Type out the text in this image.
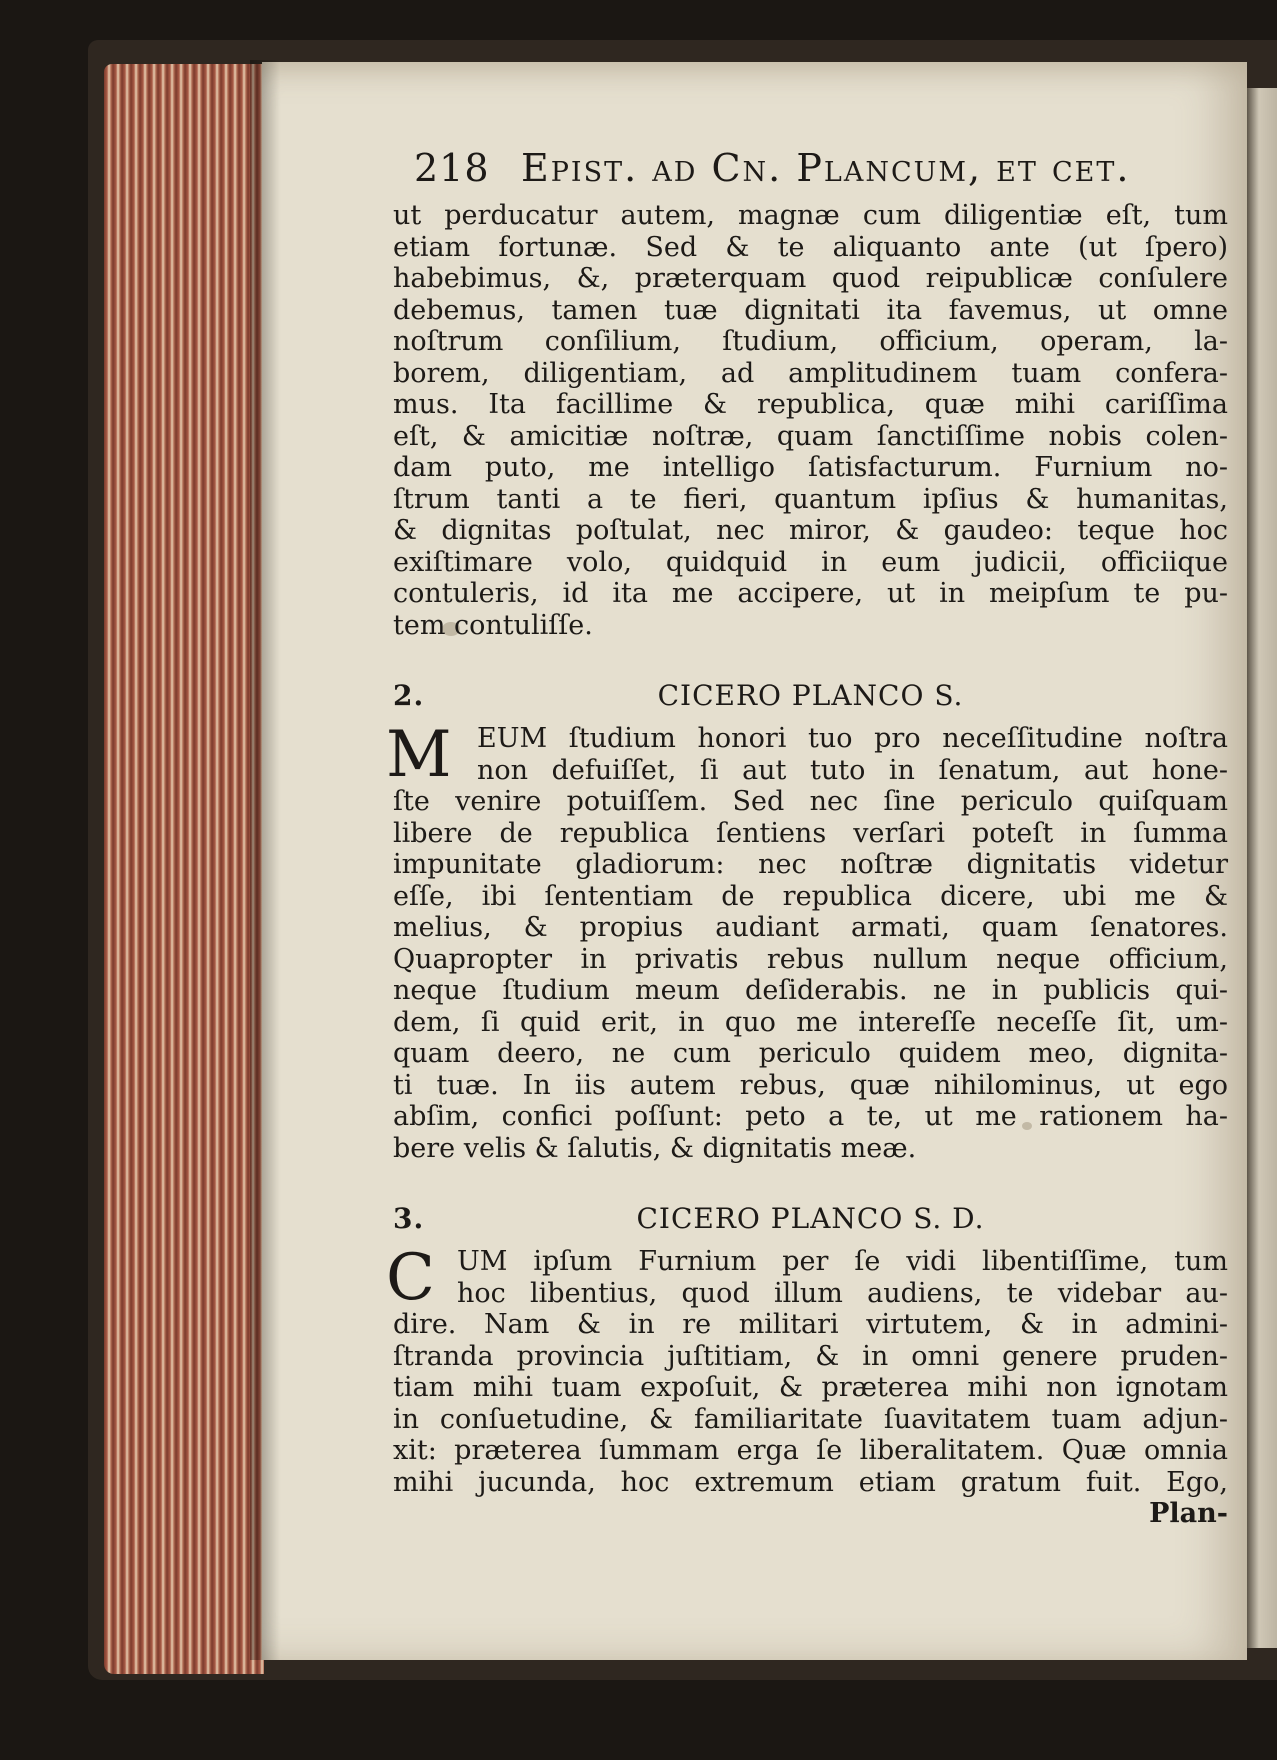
218 Epist. ad Cn. Plancum, et cet.
ut perducatur autem, magnæ cum diligentiæ eſt, tum
etiam fortunæ. Sed & te aliquanto ante (ut ſpero)
habebimus, &, præterquam quod reipublicæ conſulere
debemus, tamen tuæ dignitati ita favemus, ut omne
noſtrum conſilium, ſtudium, officium, operam, la-
borem, diligentiam, ad amplitudinem tuam confera-
mus. Ita facillime & republica, quæ mihi cariſſima
eſt, & amicitiæ noſtræ, quam ſanctiſſime nobis colen-
dam puto, me intelligo ſatisfacturum. Furnium no-
ſtrum tanti a te fieri, quantum ipſius & humanitas,
& dignitas poſtulat, nec miror, & gaudeo: teque hoc
exiſtimare volo, quidquid in eum judicii, officiique
contuleris, id ita me accipere, ut in meipſum te pu-
tem contuliſſe.
2.	CICERO PLANCO S.
M EUM ſtudium honori tuo pro neceſſitudine noſtra
non defuiſſet, ſi aut tuto in ſenatum, aut hone-
ſte venire potuiſſem. Sed nec ſine periculo quiſquam
libere de republica ſentiens verſari poteſt in ſumma
impunitate gladiorum: nec noſtræ dignitatis videtur
eſſe, ibi ſententiam de republica dicere, ubi me &
melius, & propius audiant armati, quam ſenatores.
Quapropter in privatis rebus nullum neque officium,
neque ſtudium meum deſiderabis. ne in publicis qui-
dem, ſi quid erit, in quo me intereſſe neceſſe ſit, um-
quam deero, ne cum periculo quidem meo, dignita-
ti tuæ. In iis autem rebus, quæ nihilominus, ut ego
abſim, confici poſſunt: peto a te, ut me rationem ha-
bere velis & ſalutis, & dignitatis meæ.
3.	CICERO PLANCO S. D.
C UM ipſum Furnium per ſe vidi libentiſſime, tum
hoc libentius, quod illum audiens, te videbar au-
dire. Nam & in re militari virtutem, & in admini-
ſtranda provincia juſtitiam, & in omni genere pruden-
tiam mihi tuam expoſuit, & præterea mihi non ignotam
in conſuetudine, & familiaritate ſuavitatem tuam adjun-
xit: præterea ſummam erga ſe liberalitatem. Quæ omnia
mihi jucunda, hoc extremum etiam gratum fuit. Ego,
Plan-
